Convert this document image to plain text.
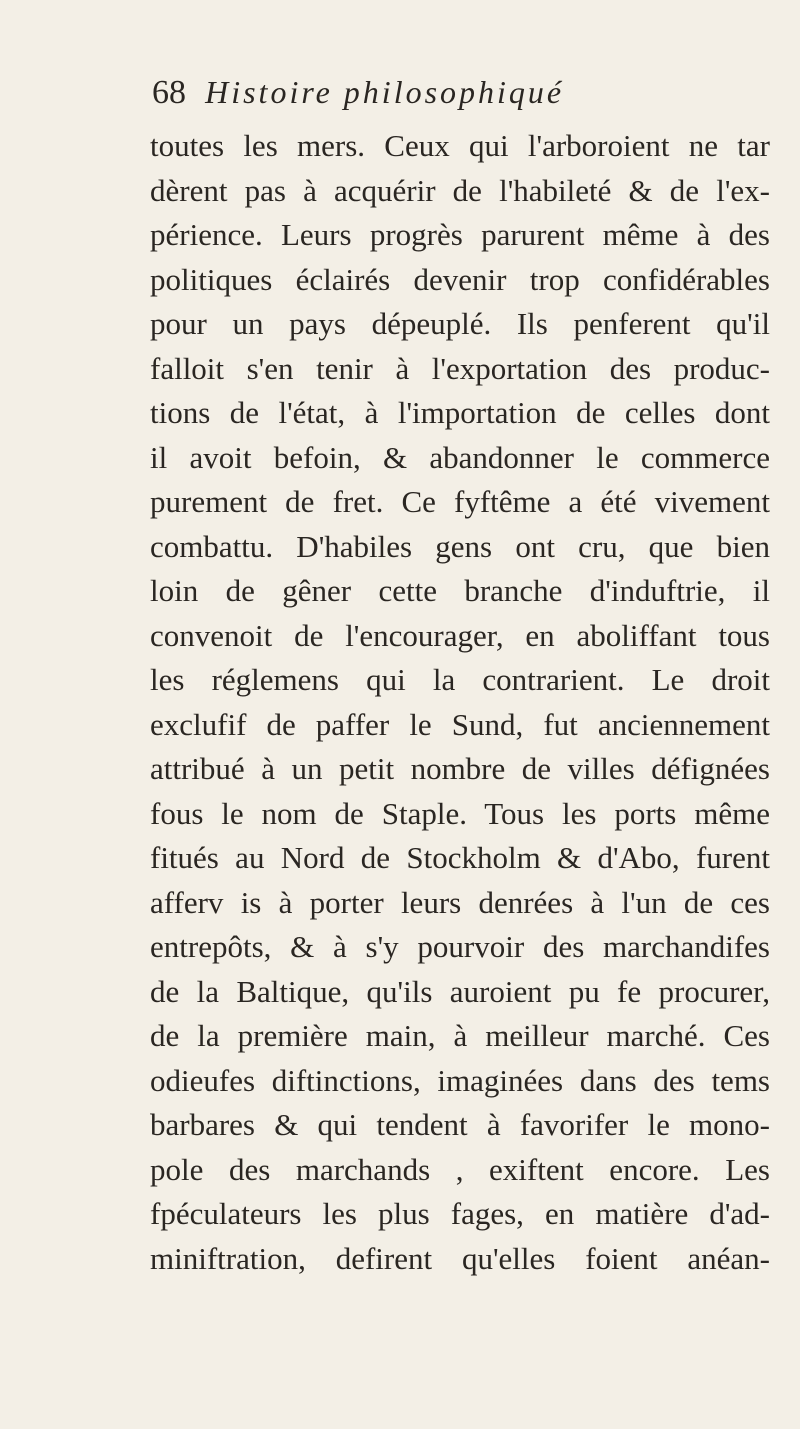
68 Histoire philosophiqué
toutes les mers. Ceux qui l'arboroient ne tar
dèrent pas à acquérir de l'habileté & de l'ex-
périence. Leurs progrès parurent même à des
politiques éclairés devenir trop confidérables
pour un pays dépeuplé. Ils penferent qu'il
falloit s'en tenir à l'exportation des produc-
tions de l'état, à l'importation de celles dont
il avoit befoin, & abandonner le commerce
purement de fret. Ce fyftême a été vivement
combattu. D'habiles gens ont cru, que bien
loin de gêner cette branche d'induftrie, il
convenoit de l'encourager, en aboliffant tous
les réglemens qui la contrarient. Le droit
exclufif de paffer le Sund, fut anciennement
attribué à un petit nombre de villes défignées
fous le nom de Staple. Tous les ports même
fitués au Nord de Stockholm & d'Abo, furent
afferv is à porter leurs denrées à l'un de ces
entrepôts, & à s'y pourvoir des marchandifes
de la Baltique, qu'ils auroient pu fe procurer,
de la première main, à meilleur marché. Ces
odieufes diftinctions, imaginées dans des tems
barbares & qui tendent à favorifer le mono-
pole des marchands , exiftent encore. Les
fpéculateurs les plus fages, en matière d'ad-
miniftration, defirent qu'elles foient anéan-
